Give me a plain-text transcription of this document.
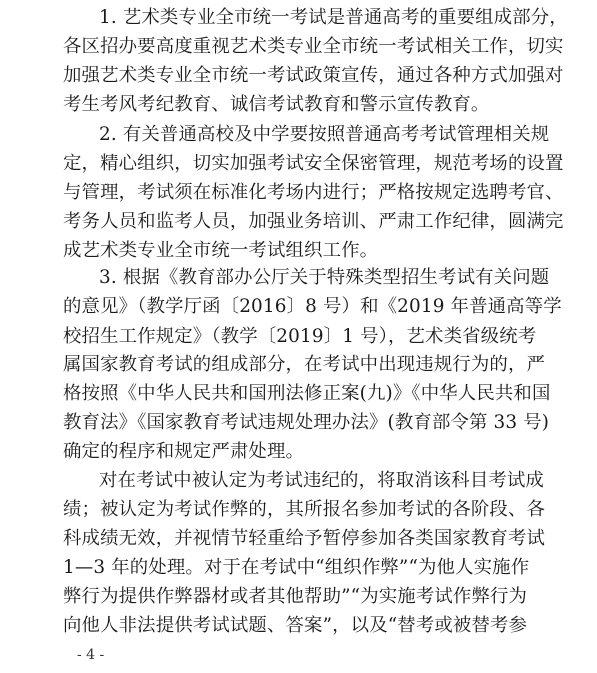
1. 艺术类专业全市统一考试是普通高考的重要组成部分，
各区招办要高度重视艺术类专业全市统一考试相关工作，切实
加强艺术类专业全市统一考试政策宣传，通过各种方式加强对
考生考风考纪教育、诚信考试教育和警示宣传教育。
2. 有关普通高校及中学要按照普通高考考试管理相关规
定，精心组织，切实加强考试安全保密管理，规范考场的设置
与管理，考试须在标准化考场内进行；严格按规定选聘考官、
考务人员和监考人员，加强业务培训、严肃工作纪律，圆满完
成艺术类专业全市统一考试组织工作。
3. 根据《教育部办公厅关于特殊类型招生考试有关问题
的意见》（教学厅函〔2016〕8 号）和《2019 年普通高等学
校招生工作规定》（教学〔2019〕1 号），艺术类省级统考
属国家教育考试的组成部分，在考试中出现违规行为的，严
格按照《中华人民共和国刑法修正案(九)》《中华人民共和国
教育法》《国家教育考试违规处理办法》(教育部令第 33 号)
确定的程序和规定严肃处理。
对在考试中被认定为考试违纪的，将取消该科目考试成
绩；被认定为考试作弊的，其所报名参加考试的各阶段、各
科成绩无效，并视情节轻重给予暂停参加各类国家教育考试
1—3 年的处理。对于在考试中“组织作弊”“为他人实施作
弊行为提供作弊器材或者其他帮助”“为实施考试作弊行为
向他人非法提供考试试题、答案”，以及“替考或被替考参
- 4 -
